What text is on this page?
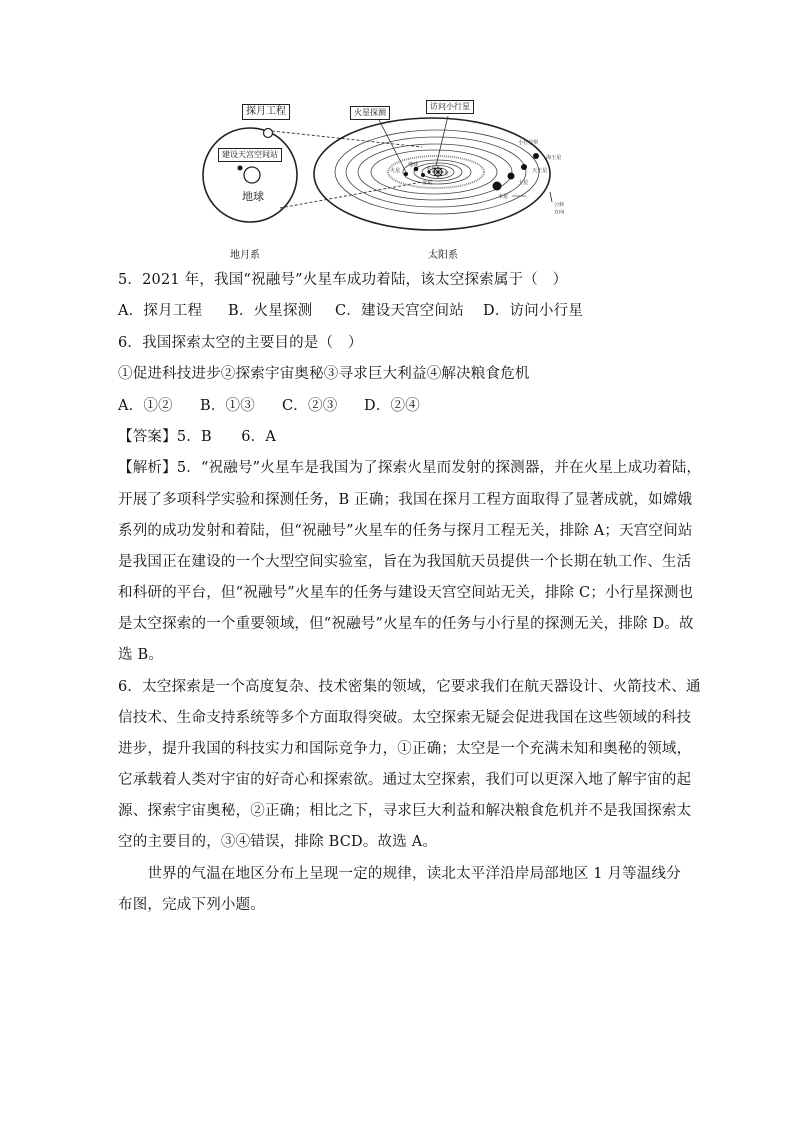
探月工程
建设天宫空间站
地球
火星探测
访问小行星
地月系	太阳系
海王星
天王星
土星
木星
火星
地球
金星
水星
日
公转方向
小行星带
5．2021 年，我国“祝融号”火星车成功着陆，该太空探索属于（　）
A．探月工程 B．火星探测 C．建设天宫空间站 D．访问小行星
6．我国探索太空的主要目的是（　）
①促进科技进步②探索宇宙奥秘③寻求巨大利益④解决粮食危机
A．①② B．①③ C．②③ D．②④
【答案】5．B　　6．A
【解析】5．“祝融号”火星车是我国为了探索火星而发射的探测器，并在火星上成功着陆，
开展了多项科学实验和探测任务，B 正确；我国在探月工程方面取得了显著成就，如嫦娥
系列的成功发射和着陆，但“祝融号”火星车的任务与探月工程无关，排除 A；天宫空间站
是我国正在建设的一个大型空间实验室，旨在为我国航天员提供一个长期在轨工作、生活
和科研的平台，但“祝融号”火星车的任务与建设天宫空间站无关，排除 C；小行星探测也
是太空探索的一个重要领域，但“祝融号”火星车的任务与小行星的探测无关，排除 D。故
选 B。
6．太空探索是一个高度复杂、技术密集的领域，它要求我们在航天器设计、火箭技术、通
信技术、生命支持系统等多个方面取得突破。太空探索无疑会促进我国在这些领域的科技
进步，提升我国的科技实力和国际竞争力，①正确；太空是一个充满未知和奥秘的领域，
它承载着人类对宇宙的好奇心和探索欲。通过太空探索，我们可以更深入地了解宇宙的起
源、探索宇宙奥秘，②正确；相比之下，寻求巨大利益和解决粮食危机并不是我国探索太
空的主要目的，③④错误，排除 BCD。故选 A。
　　世界的气温在地区分布上呈现一定的规律，读北太平洋沿岸局部地区 1 月等温线分
布图，完成下列小题。
